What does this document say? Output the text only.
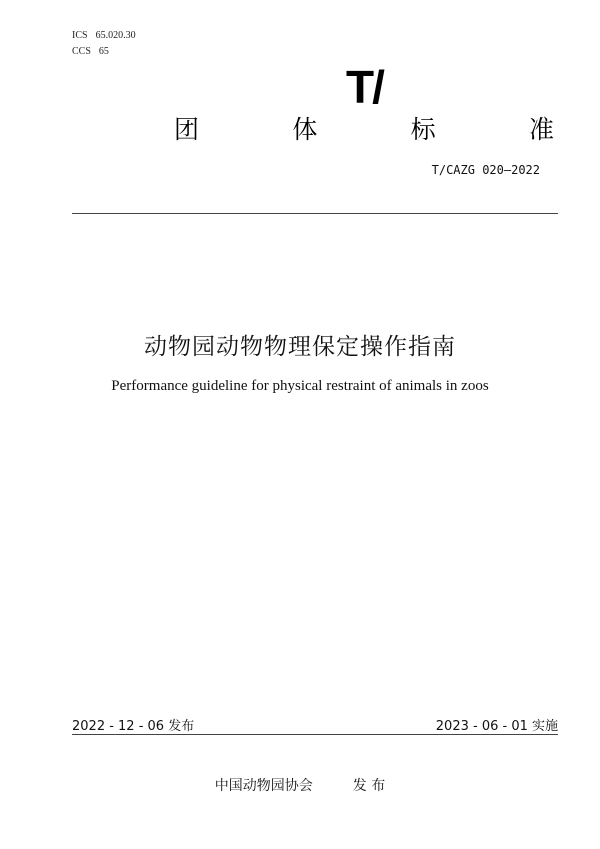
ICS 65.020.30
CCS 65
T/
团	体	标	准
T/CAZG 020—2022
动物园动物物理保定操作指南
Performance guideline for physical restraint of animals in zoos
2022 - 12 - 06 发布	2023 - 06 - 01 实施
中国动物园协会	发 布
